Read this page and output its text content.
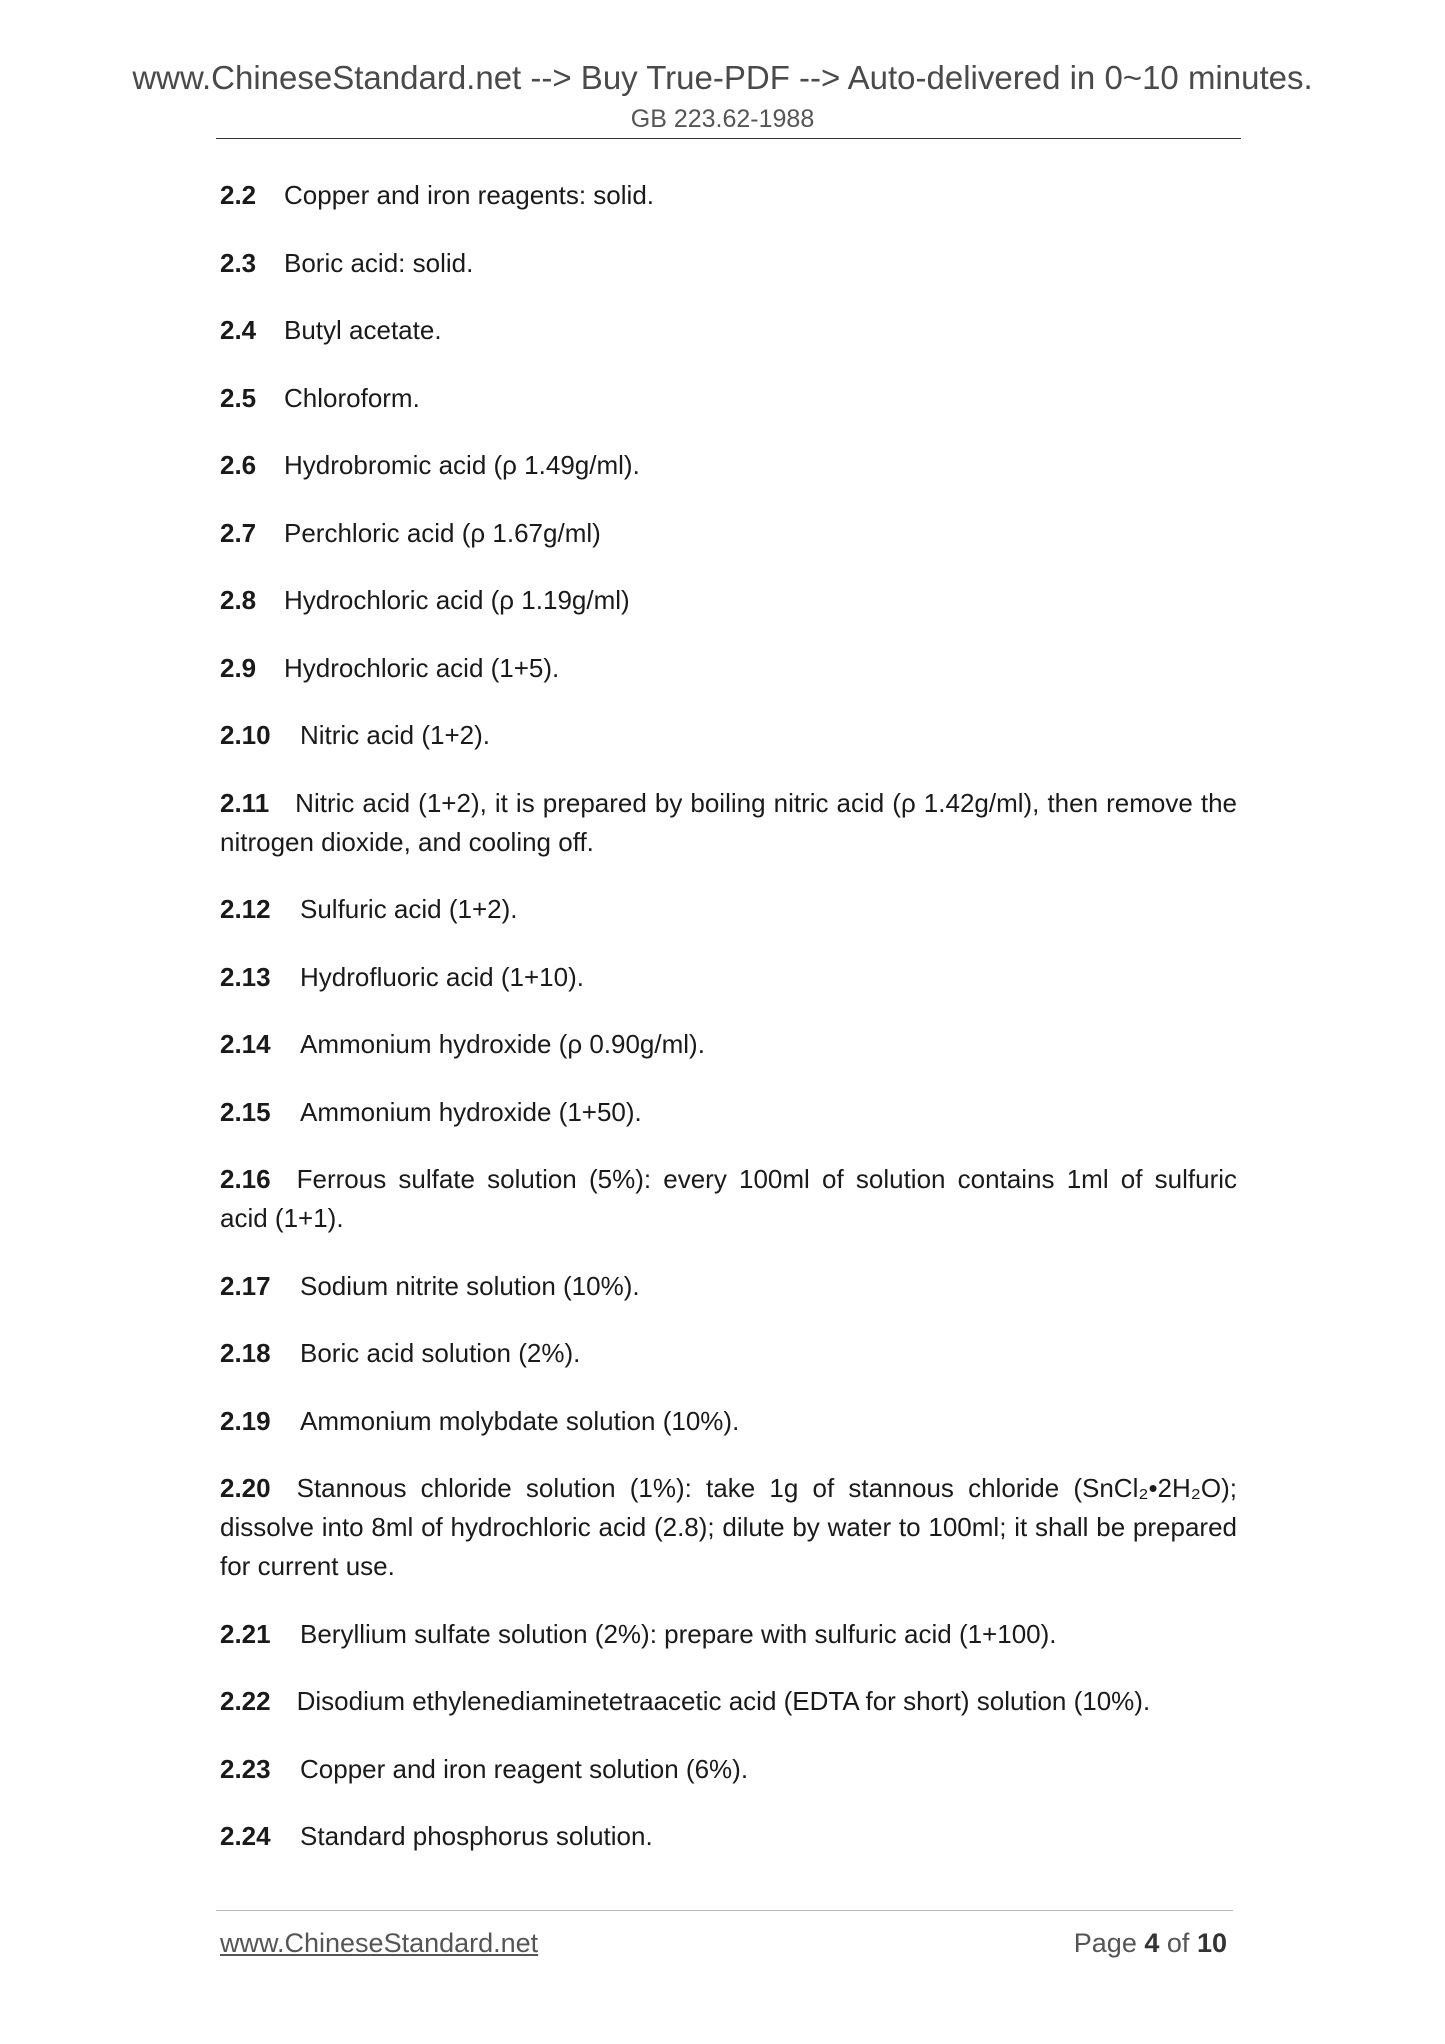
www.ChineseStandard.net --> Buy True-PDF --> Auto-delivered in 0~10 minutes.
GB 223.62-1988
2.2 Copper and iron reagents: solid.
2.3 Boric acid: solid.
2.4 Butyl acetate.
2.5 Chloroform.
2.6 Hydrobromic acid (ρ 1.49g/ml).
2.7 Perchloric acid (ρ 1.67g/ml)
2.8 Hydrochloric acid (ρ 1.19g/ml)
2.9 Hydrochloric acid (1+5).
2.10 Nitric acid (1+2).
2.11 Nitric acid (1+2), it is prepared by boiling nitric acid (ρ 1.42g/ml), then remove the nitrogen dioxide, and cooling off.
2.12 Sulfuric acid (1+2).
2.13 Hydrofluoric acid (1+10).
2.14 Ammonium hydroxide (ρ 0.90g/ml).
2.15 Ammonium hydroxide (1+50).
2.16 Ferrous sulfate solution (5%): every 100ml of solution contains 1ml of sulfuric acid (1+1).
2.17 Sodium nitrite solution (10%).
2.18 Boric acid solution (2%).
2.19 Ammonium molybdate solution (10%).
2.20 Stannous chloride solution (1%): take 1g of stannous chloride (SnCl₂•2H₂O); dissolve into 8ml of hydrochloric acid (2.8); dilute by water to 100ml; it shall be prepared for current use.
2.21 Beryllium sulfate solution (2%): prepare with sulfuric acid (1+100).
2.22 Disodium ethylenediaminetetraacetic acid (EDTA for short) solution (10%).
2.23 Copper and iron reagent solution (6%).
2.24 Standard phosphorus solution.
www.ChineseStandard.net	Page 4 of 10
